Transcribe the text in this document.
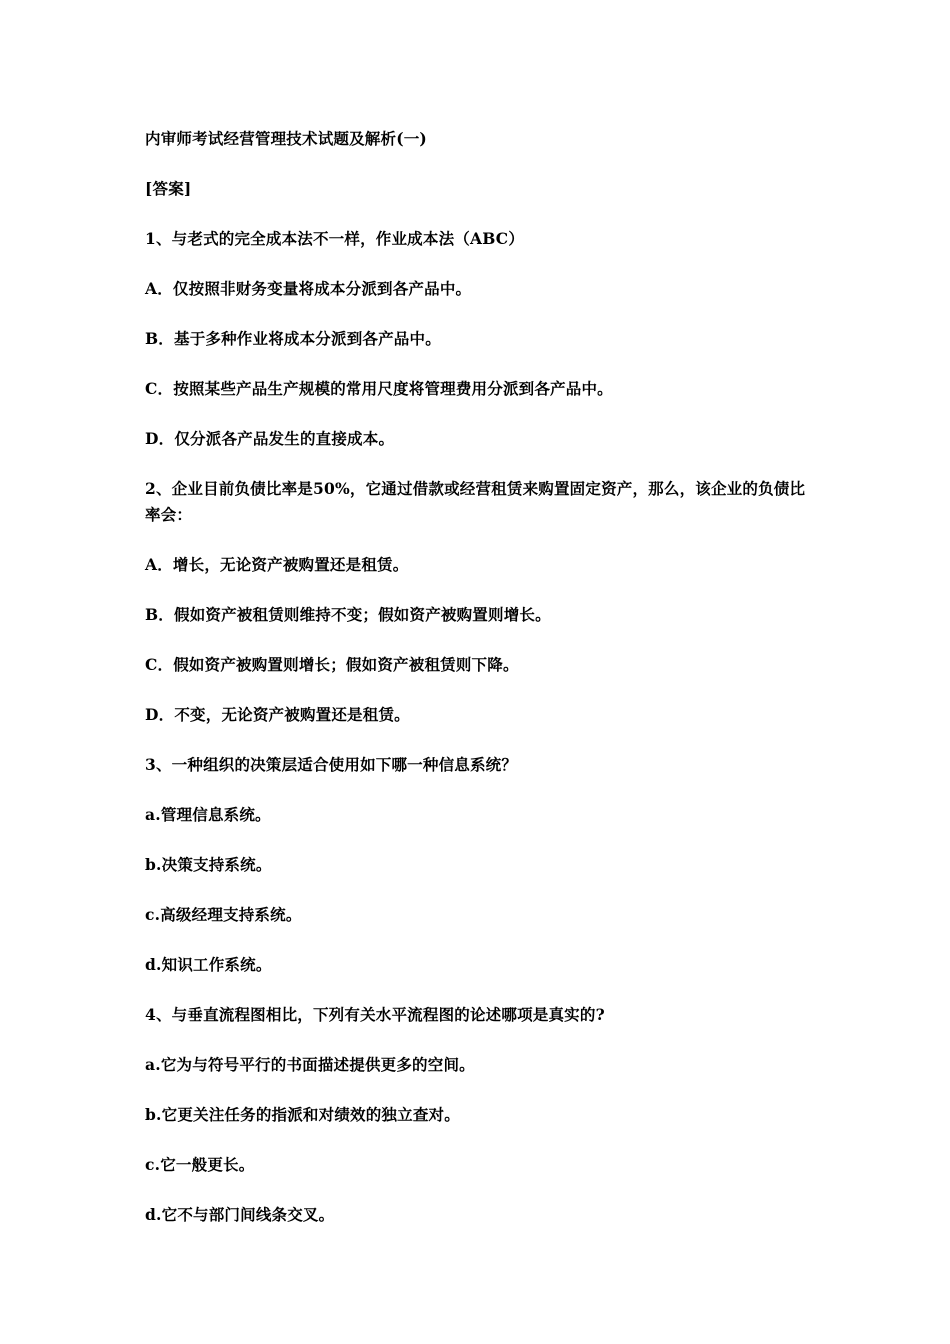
内审师考试经营管理技术试题及解析(一)

[答案]

1、与老式的完全成本法不一样，作业成本法（ABC）

A．仅按照非财务变量将成本分派到各产品中。

B．基于多种作业将成本分派到各产品中。

C．按照某些产品生产规模的常用尺度将管理费用分派到各产品中。

D．仅分派各产品发生的直接成本。

2、企业目前负债比率是50%，它通过借款或经营租赁来购置固定资产，那么，该企业的负债比率会：

A．增长，无论资产被购置还是租赁。

B．假如资产被租赁则维持不变；假如资产被购置则增长。

C．假如资产被购置则增长；假如资产被租赁则下降。

D．不变，无论资产被购置还是租赁。

3、一种组织的决策层适合使用如下哪一种信息系统？

a.管理信息系统。

b.决策支持系统。

c.高级经理支持系统。

d.知识工作系统。

4、与垂直流程图相比，下列有关水平流程图的论述哪项是真实的?

a.它为与符号平行的书面描述提供更多的空间。

b.它更关注任务的指派和对绩效的独立查对。

c.它一般更长。

d.它不与部门间线条交叉。
